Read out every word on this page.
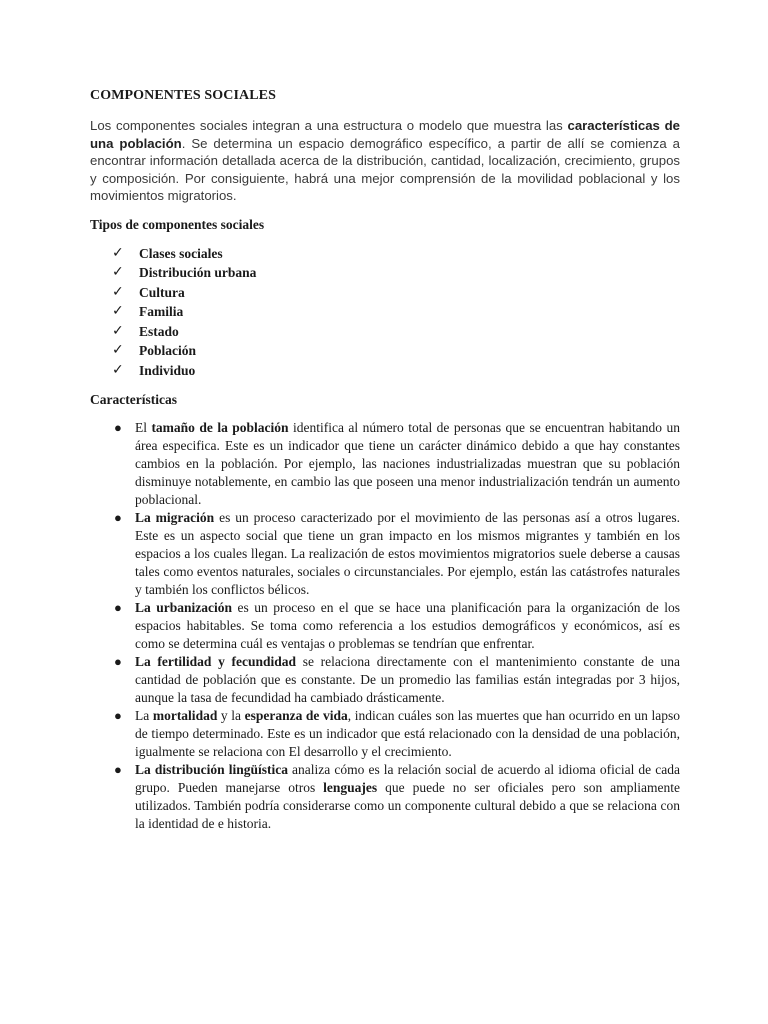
COMPONENTES SOCIALES

Los componentes sociales integran a una estructura o modelo que muestra las características de una población. Se determina un espacio demográfico específico, a partir de allí se comienza a encontrar información detallada acerca de la distribución, cantidad, localización, crecimiento, grupos y composición. Por consiguiente, habrá una mejor comprensión de la movilidad poblacional y los movimientos migratorios.

Tipos de componentes sociales
✓	Clases sociales
✓	Distribución urbana
✓	Cultura
✓	Familia
✓	Estado
✓	Población
✓	Individuo
Características
● El tamaño de la población identifica al número total de personas que se encuentran habitando un área especifica. Este es un indicador que tiene un carácter dinámico debido a que hay constantes cambios en la población. Por ejemplo, las naciones industrializadas muestran que su población disminuye notablemente, en cambio las que poseen una menor industrialización tendrán un aumento poblacional.
● La migración es un proceso caracterizado por el movimiento de las personas así a otros lugares. Este es un aspecto social que tiene un gran impacto en los mismos migrantes y también en los espacios a los cuales llegan. La realización de estos movimientos migratorios suele deberse a causas tales como eventos naturales, sociales o circunstanciales. Por ejemplo, están las catástrofes naturales y también los conflictos bélicos.
● La urbanización es un proceso en el que se hace una planificación para la organización de los espacios habitables. Se toma como referencia a los estudios demográficos y económicos, así es como se determina cuál es ventajas o problemas se tendrían que enfrentar.
● La fertilidad y fecundidad se relaciona directamente con el mantenimiento constante de una cantidad de población que es constante. De un promedio las familias están integradas por 3 hijos, aunque la tasa de fecundidad ha cambiado drásticamente.
● La mortalidad y la esperanza de vida, indican cuáles son las muertes que han ocurrido en un lapso de tiempo determinado. Este es un indicador que está relacionado con la densidad de una población, igualmente se relaciona con El desarrollo y el crecimiento.
● La distribución lingüística analiza cómo es la relación social de acuerdo al idioma oficial de cada grupo. Pueden manejarse otros lenguajes que puede no ser oficiales pero son ampliamente utilizados. También podría considerarse como un componente cultural debido a que se relaciona con la identidad de e historia.
